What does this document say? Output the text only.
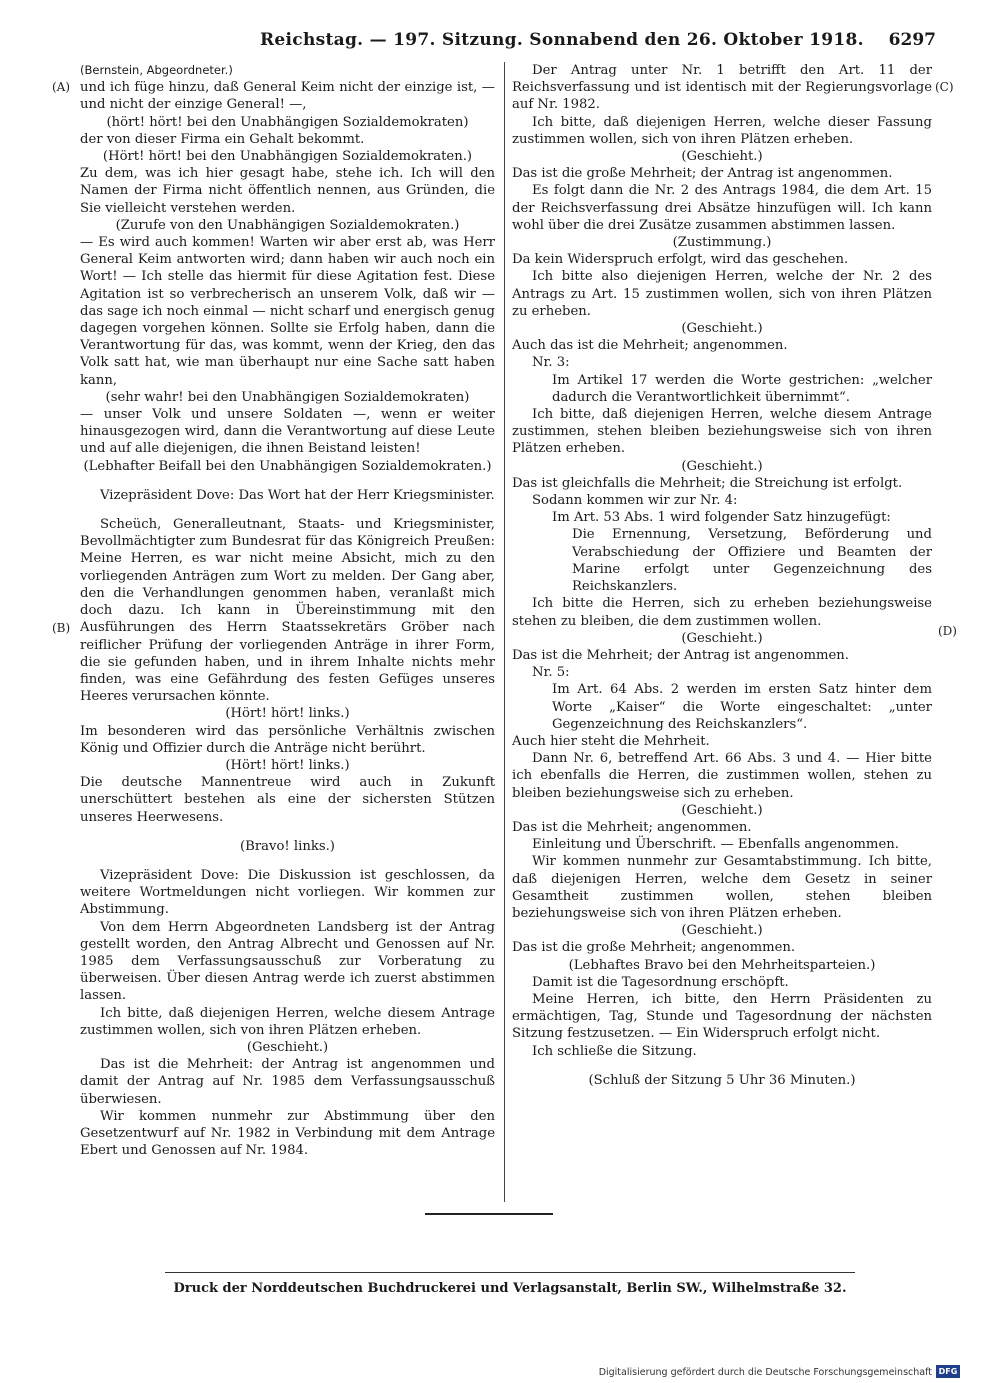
Reichstag. — 197. Sitzung. Sonnabend den 26. Oktober 1918. 6297
(A)
(B)
(C)
(D)

(Bernstein, Abgeordneter.)

und ich füge hinzu, daß General Keim nicht der einzige ist, — und nicht der einzige General! —,

(hört! hört! bei den Unabhängigen Sozialdemokraten)

der von dieser Firma ein Gehalt bekommt.

(Hört! hört! bei den Unabhängigen Sozialdemokraten.)

Zu dem, was ich hier gesagt habe, stehe ich. Ich will den Namen der Firma nicht öffentlich nennen, aus Gründen, die Sie vielleicht verstehen werden.

(Zurufe von den Unabhängigen Sozialdemokraten.)

— Es wird auch kommen! Warten wir aber erst ab, was Herr General Keim antworten wird; dann haben wir auch noch ein Wort! — Ich stelle das hiermit für diese Agitation fest. Diese Agitation ist so verbrecherisch an unserem Volk, daß wir — das sage ich noch einmal — nicht scharf und energisch genug dagegen vorgehen können. Sollte sie Erfolg haben, dann die Verantwortung für das, was kommt, wenn der Krieg, den das Volk satt hat, wie man überhaupt nur eine Sache satt haben kann,

(sehr wahr! bei den Unabhängigen Sozialdemokraten)

— unser Volk und unsere Soldaten —, wenn er weiter hinausgezogen wird, dann die Verantwortung auf diese Leute und auf alle diejenigen, die ihnen Beistand leisten!

(Lebhafter Beifall bei den Unabhängigen Sozialdemokraten.)

Vizepräsident Dove: Das Wort hat der Herr Kriegsminister.

Scheüch, Generalleutnant, Staats- und Kriegsminister, Bevollmächtigter zum Bundesrat für das Königreich Preußen: Meine Herren, es war nicht meine Absicht, mich zu den vorliegenden Anträgen zum Wort zu melden. Der Gang aber, den die Verhandlungen genommen haben, veranlaßt mich doch dazu. Ich kann in Übereinstimmung mit den Ausführungen des Herrn Staatssekretärs Gröber nach reiflicher Prüfung der vorliegenden Anträge in ihrer Form, die sie gefunden haben, und in ihrem Inhalte nichts mehr finden, was eine Gefährdung des festen Gefüges unseres Heeres verursachen könnte.

(Hört! hört! links.)

Im besonderen wird das persönliche Verhältnis zwischen König und Offizier durch die Anträge nicht berührt.

(Hört! hört! links.)

Die deutsche Mannentreue wird auch in Zukunft unerschüttert bestehen als eine der sichersten Stützen unseres Heerwesens.

(Bravo! links.)

Vizepräsident Dove: Die Diskussion ist geschlossen, da weitere Wortmeldungen nicht vorliegen. Wir kommen zur Abstimmung.

Von dem Herrn Abgeordneten Landsberg ist der Antrag gestellt worden, den Antrag Albrecht und Genossen auf Nr. 1985 dem Verfassungsausschuß zur Vorberatung zu überweisen. Über diesen Antrag werde ich zuerst abstimmen lassen.

Ich bitte, daß diejenigen Herren, welche diesem Antrage zustimmen wollen, sich von ihren Plätzen erheben.

(Geschieht.)

Das ist die Mehrheit: der Antrag ist angenommen und damit der Antrag auf Nr. 1985 dem Verfassungsausschuß überwiesen.

Wir kommen nunmehr zur Abstimmung über den Gesetzentwurf auf Nr. 1982 in Verbindung mit dem Antrage Ebert und Genossen auf Nr. 1984.

Der Antrag unter Nr. 1 betrifft den Art. 11 der Reichsverfassung und ist identisch mit der Regierungsvorlage auf Nr. 1982.

Ich bitte, daß diejenigen Herren, welche dieser Fassung zustimmen wollen, sich von ihren Plätzen erheben.

(Geschieht.)

Das ist die große Mehrheit; der Antrag ist angenommen.

Es folgt dann die Nr. 2 des Antrags 1984, die dem Art. 15 der Reichsverfassung drei Absätze hinzufügen will. Ich kann wohl über die drei Zusätze zusammen abstimmen lassen.

(Zustimmung.)

Da kein Widerspruch erfolgt, wird das geschehen.

Ich bitte also diejenigen Herren, welche der Nr. 2 des Antrags zu Art. 15 zustimmen wollen, sich von ihren Plätzen zu erheben.

(Geschieht.)

Auch das ist die Mehrheit; angenommen.

Nr. 3:

Im Artikel 17 werden die Worte gestrichen: „welcher dadurch die Verantwortlichkeit übernimmt“.

Ich bitte, daß diejenigen Herren, welche diesem Antrage zustimmen, stehen bleiben beziehungsweise sich von ihren Plätzen erheben.

(Geschieht.)

Das ist gleichfalls die Mehrheit; die Streichung ist erfolgt.

Sodann kommen wir zur Nr. 4:

Im Art. 53 Abs. 1 wird folgender Satz hinzugefügt:

Die Ernennung, Versetzung, Beförderung und Verabschiedung der Offiziere und Beamten der Marine erfolgt unter Gegenzeichnung des Reichskanzlers.

Ich bitte die Herren, sich zu erheben beziehungsweise stehen zu bleiben, die dem zustimmen wollen.

(Geschieht.)

Das ist die Mehrheit; der Antrag ist angenommen.

Nr. 5:

Im Art. 64 Abs. 2 werden im ersten Satz hinter dem Worte „Kaiser“ die Worte eingeschaltet: „unter Gegenzeichnung des Reichskanzlers“.

Auch hier steht die Mehrheit.

Dann Nr. 6, betreffend Art. 66 Abs. 3 und 4. — Hier bitte ich ebenfalls die Herren, die zustimmen wollen, stehen zu bleiben beziehungsweise sich zu erheben.

(Geschieht.)

Das ist die Mehrheit; angenommen.

Einleitung und Überschrift. — Ebenfalls angenommen.

Wir kommen nunmehr zur Gesamtabstimmung. Ich bitte, daß diejenigen Herren, welche dem Gesetz in seiner Gesamtheit zustimmen wollen, stehen bleiben beziehungsweise sich von ihren Plätzen erheben.

(Geschieht.)

Das ist die große Mehrheit; angenommen.

(Lebhaftes Bravo bei den Mehrheitsparteien.)

Damit ist die Tagesordnung erschöpft.

Meine Herren, ich bitte, den Herrn Präsidenten zu ermächtigen, Tag, Stunde und Tagesordnung der nächsten Sitzung festzusetzen. — Ein Widerspruch erfolgt nicht.

Ich schließe die Sitzung.

(Schluß der Sitzung 5 Uhr 36 Minuten.)

Druck der Norddeutschen Buchdruckerei und Verlagsanstalt, Berlin SW., Wilhelmstraße 32.
Digitalisierung gefördert durch die Deutsche Forschungsgemeinschaft DFG
